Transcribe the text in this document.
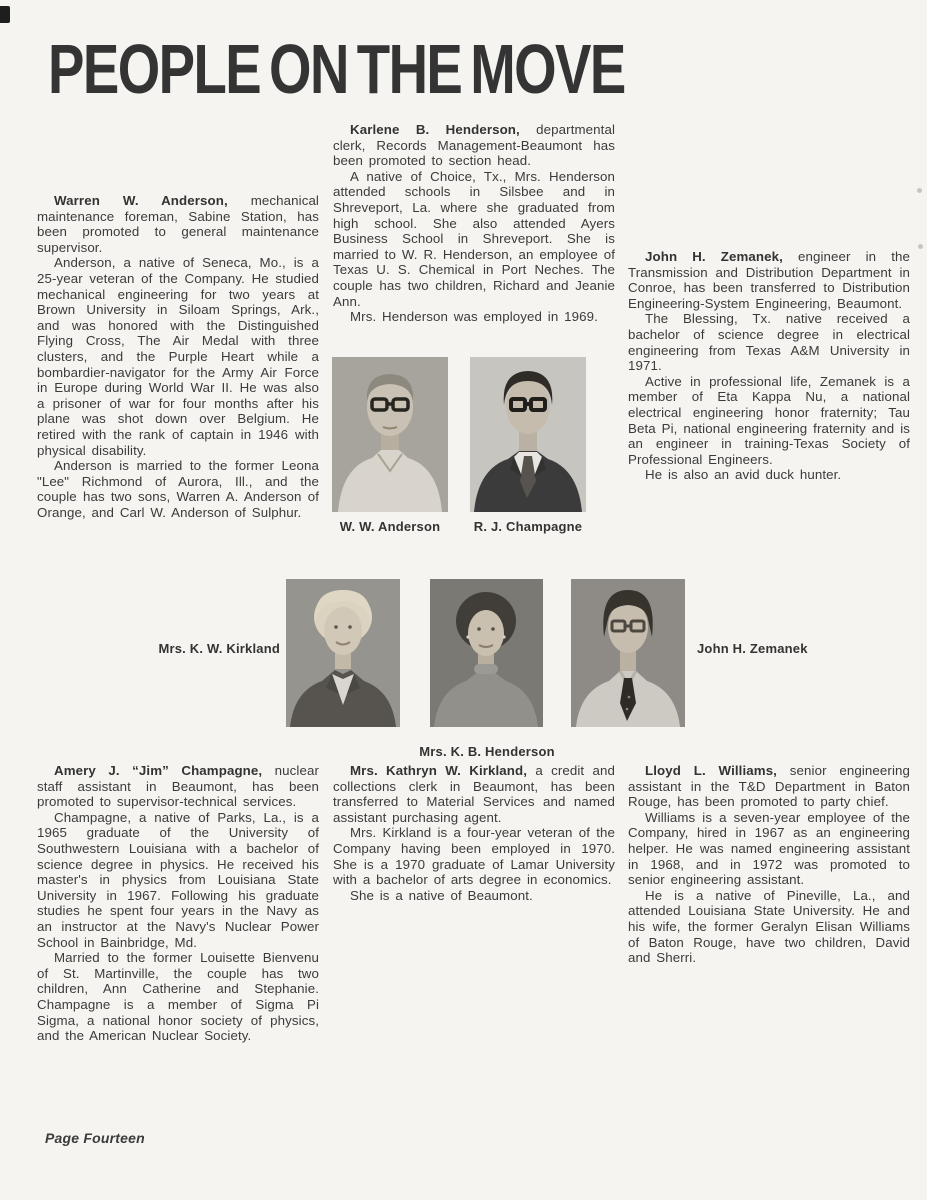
PEOPLE ON THE MOVE

Warren W. Anderson, mechanical maintenance foreman, Sabine Station, has been promoted to general maintenance supervisor.

Anderson, a native of Seneca, Mo., is a 25-year veteran of the Company. He studied mechanical engineering for two years at Brown University in Siloam Springs, Ark., and was honored with the Distinguished Flying Cross, The Air Medal with three clusters, and the Purple Heart while a bombardier-navigator for the Army Air Force in Europe during World War II. He was also a prisoner of war for four months after his plane was shot down over Belgium. He retired with the rank of captain in 1946 with physical disability.

Anderson is married to the former Leona "Lee" Richmond of Aurora, Ill., and the couple has two sons, Warren A. Anderson of Orange, and Carl W. Anderson of Sulphur.

Karlene B. Henderson, departmental clerk, Records Management-Beaumont has been promoted to section head.

A native of Choice, Tx., Mrs. Henderson attended schools in Silsbee and in Shreveport, La. where she graduated from high school. She also attended Ayers Business School in Shreveport. She is married to W. R. Henderson, an employee of Texas U. S. Chemical in Port Neches. The couple has two children, Richard and Jeanie Ann.

Mrs. Henderson was employed in 1969.

John H. Zemanek, engineer in the Transmission and Distribution Department in Conroe, has been transferred to Distribution Engineering-System Engineering, Beaumont.

The Blessing, Tx. native received a bachelor of science degree in electrical engineering from Texas A&M University in 1971.

Active in professional life, Zemanek is a member of Eta Kappa Nu, a national electrical engineering honor fraternity; Tau Beta Pi, national engineering fraternity and is an engineer in training-Texas Society of Professional Engineers.

He is also an avid duck hunter.

W. W. Anderson	R. J. Champagne
Mrs. K. W. Kirkland
Mrs. K. B. Henderson
John H. Zemanek

Amery J. “Jim” Champagne, nuclear staff assistant in Beaumont, has been promoted to supervisor-technical services.

Champagne, a native of Parks, La., is a 1965 graduate of the University of Southwestern Louisiana with a bachelor of science degree in physics. He received his master's in physics from Louisiana State University in 1967. Following his graduate studies he spent four years in the Navy as an instructor at the Navy's Nuclear Power School in Bainbridge, Md.

Married to the former Louisette Bienvenu of St. Martinville, the couple has two children, Ann Catherine and Stephanie. Champagne is a member of Sigma Pi Sigma, a national honor society of physics, and the American Nuclear Society.

Mrs. Kathryn W. Kirkland, a credit and collections clerk in Beaumont, has been transferred to Material Services and named assistant purchasing agent.

Mrs. Kirkland is a four-year veteran of the Company having been employed in 1970. She is a 1970 graduate of Lamar University with a bachelor of arts degree in economics.

She is a native of Beaumont.

Lloyd L. Williams, senior engineering assistant in the T&D Department in Baton Rouge, has been promoted to party chief.

Williams is a seven-year employee of the Company, hired in 1967 as an engineering helper. He was named engineering assistant in 1968, and in 1972 was promoted to senior engineering assistant.

He is a native of Pineville, La., and attended Louisiana State University. He and his wife, the former Geralyn Elisan Williams of Baton Rouge, have two children, David and Sherri.

Page Fourteen
